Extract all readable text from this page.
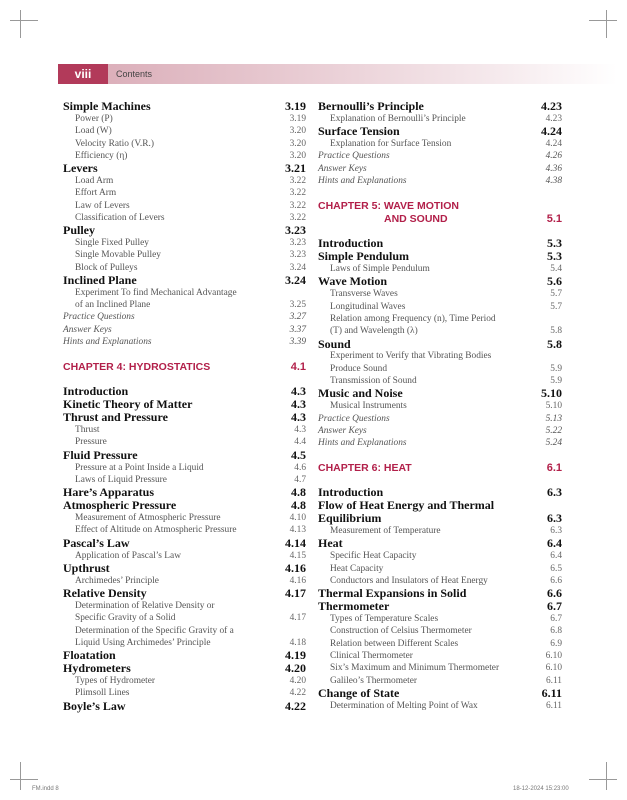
viii	Contents
Simple Machines	3.19
Power (P)	3.19
Load (W)	3.20
Velocity Ratio (V.R.)	3.20
Efficiency (η)	3.20
Levers	3.21
Load Arm	3.22
Effort Arm	3.22
Law of Levers	3.22
Classification of Levers	3.22
Pulley	3.23
Single Fixed Pulley	3.23
Single Movable Pulley	3.23
Block of Pulleys	3.24
Inclined Plane	3.24
Experiment To find Mechanical Advantage
of an Inclined Plane	3.25
Practice Questions	3.27
Answer Keys	3.37
Hints and Explanations	3.39
CHAPTER 4: HYDROSTATICS	4.1
Introduction	4.3
Kinetic Theory of Matter	4.3
Thrust and Pressure	4.3
Thrust	4.3
Pressure	4.4
Fluid Pressure	4.5
Pressure at a Point Inside a Liquid	4.6
Laws of Liquid Pressure	4.7
Hare’s Apparatus	4.8
Atmospheric Pressure	4.8
Measurement of Atmospheric Pressure	4.10
Effect of Altitude on Atmospheric Pressure	4.13
Pascal’s Law	4.14
Application of Pascal’s Law	4.15
Upthrust	4.16
Archimedes’ Principle	4.16
Relative Density	4.17
Determination of Relative Density or
Specific Gravity of a Solid	4.17
Determination of the Specific Gravity of a
Liquid Using Archimedes’ Principle	4.18
Floatation	4.19
Hydrometers	4.20
Types of Hydrometer	4.20
Plimsoll Lines	4.22
Boyle’s Law	4.22
Bernoulli’s Principle	4.23
Explanation of Bernoulli’s Principle	4.23
Surface Tension	4.24
Explanation for Surface Tension	4.24
Practice Questions	4.26
Answer Keys	4.36
Hints and Explanations	4.38
CHAPTER 5: WAVE MOTION
AND SOUND	5.1
Introduction	5.3
Simple Pendulum	5.3
Laws of Simple Pendulum	5.4
Wave Motion	5.6
Transverse Waves	5.7
Longitudinal Waves	5.7
Relation among Frequency (n), Time Period
(T) and Wavelength (λ)	5.8
Sound	5.8
Experiment to Verify that Vibrating Bodies
Produce Sound	5.9
Transmission of Sound	5.9
Music and Noise	5.10
Musical Instruments	5.10
Practice Questions	5.13
Answer Keys	5.22
Hints and Explanations	5.24
CHAPTER 6: HEAT	6.1
Introduction	6.3
Flow of Heat Energy and Thermal
Equilibrium	6.3
Measurement of Temperature	6.3
Heat	6.4
Specific Heat Capacity	6.4
Heat Capacity	6.5
Conductors and Insulators of Heat Energy	6.6
Thermal Expansions in Solid	6.6
Thermometer	6.7
Types of Temperature Scales	6.7
Construction of Celsius Thermometer	6.8
Relation between Different Scales	6.9
Clinical Thermometer	6.10
Six’s Maximum and Minimum Thermometer	6.10
Galileo’s Thermometer	6.11
Change of State	6.11
Determination of Melting Point of Wax	6.11
FM.indd 8	18-12-2024 15:23:00
